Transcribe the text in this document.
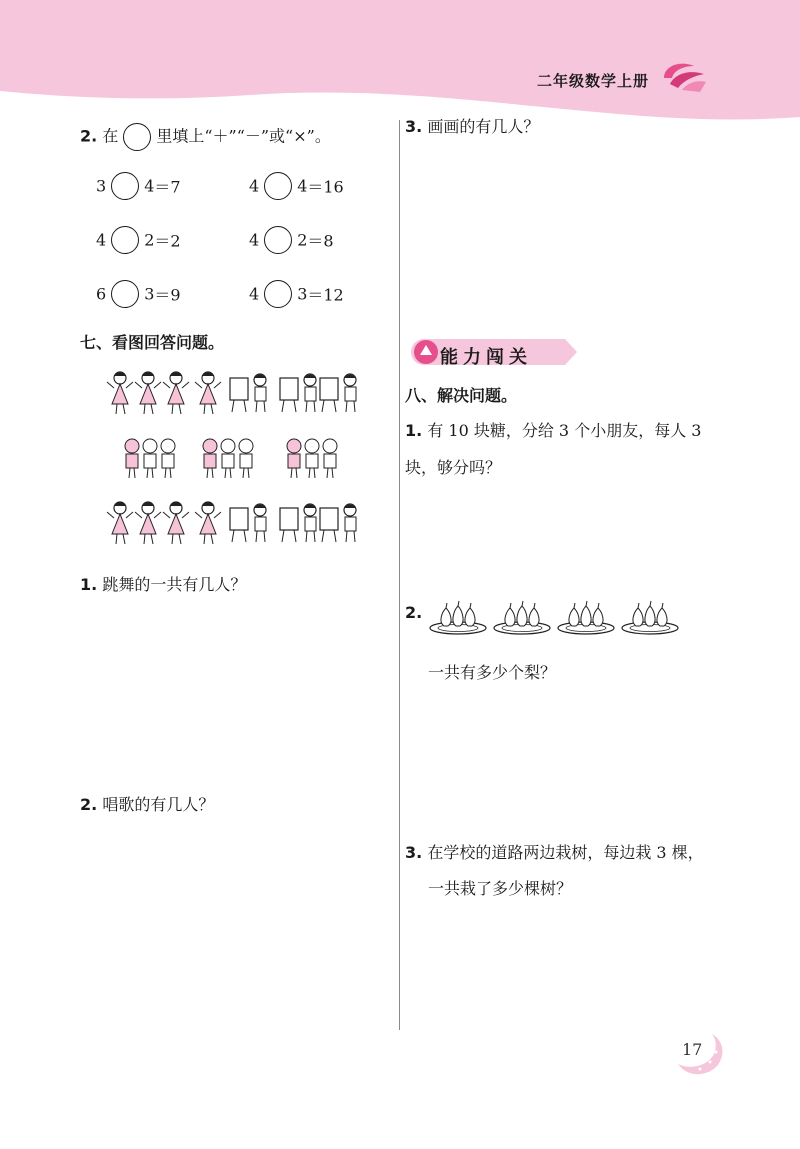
二年级数学上册
2. 在 里填上“＋”“－”或“×”。
3 4＝7	4 4＝16
4 2＝2	4 2＝8
6 3＝9	4 3＝12
七、看图回答问题。
1. 跳舞的一共有几人？
2. 唱歌的有几人？
3. 画画的有几人？
能力闯关
八、解决问题。
1. 有 10 块糖，分给 3 个小朋友，每人 3
块，够分吗？
2.
一共有多少个梨？
3. 在学校的道路两边栽树，每边栽 3 棵，
一共栽了多少棵树？
17
